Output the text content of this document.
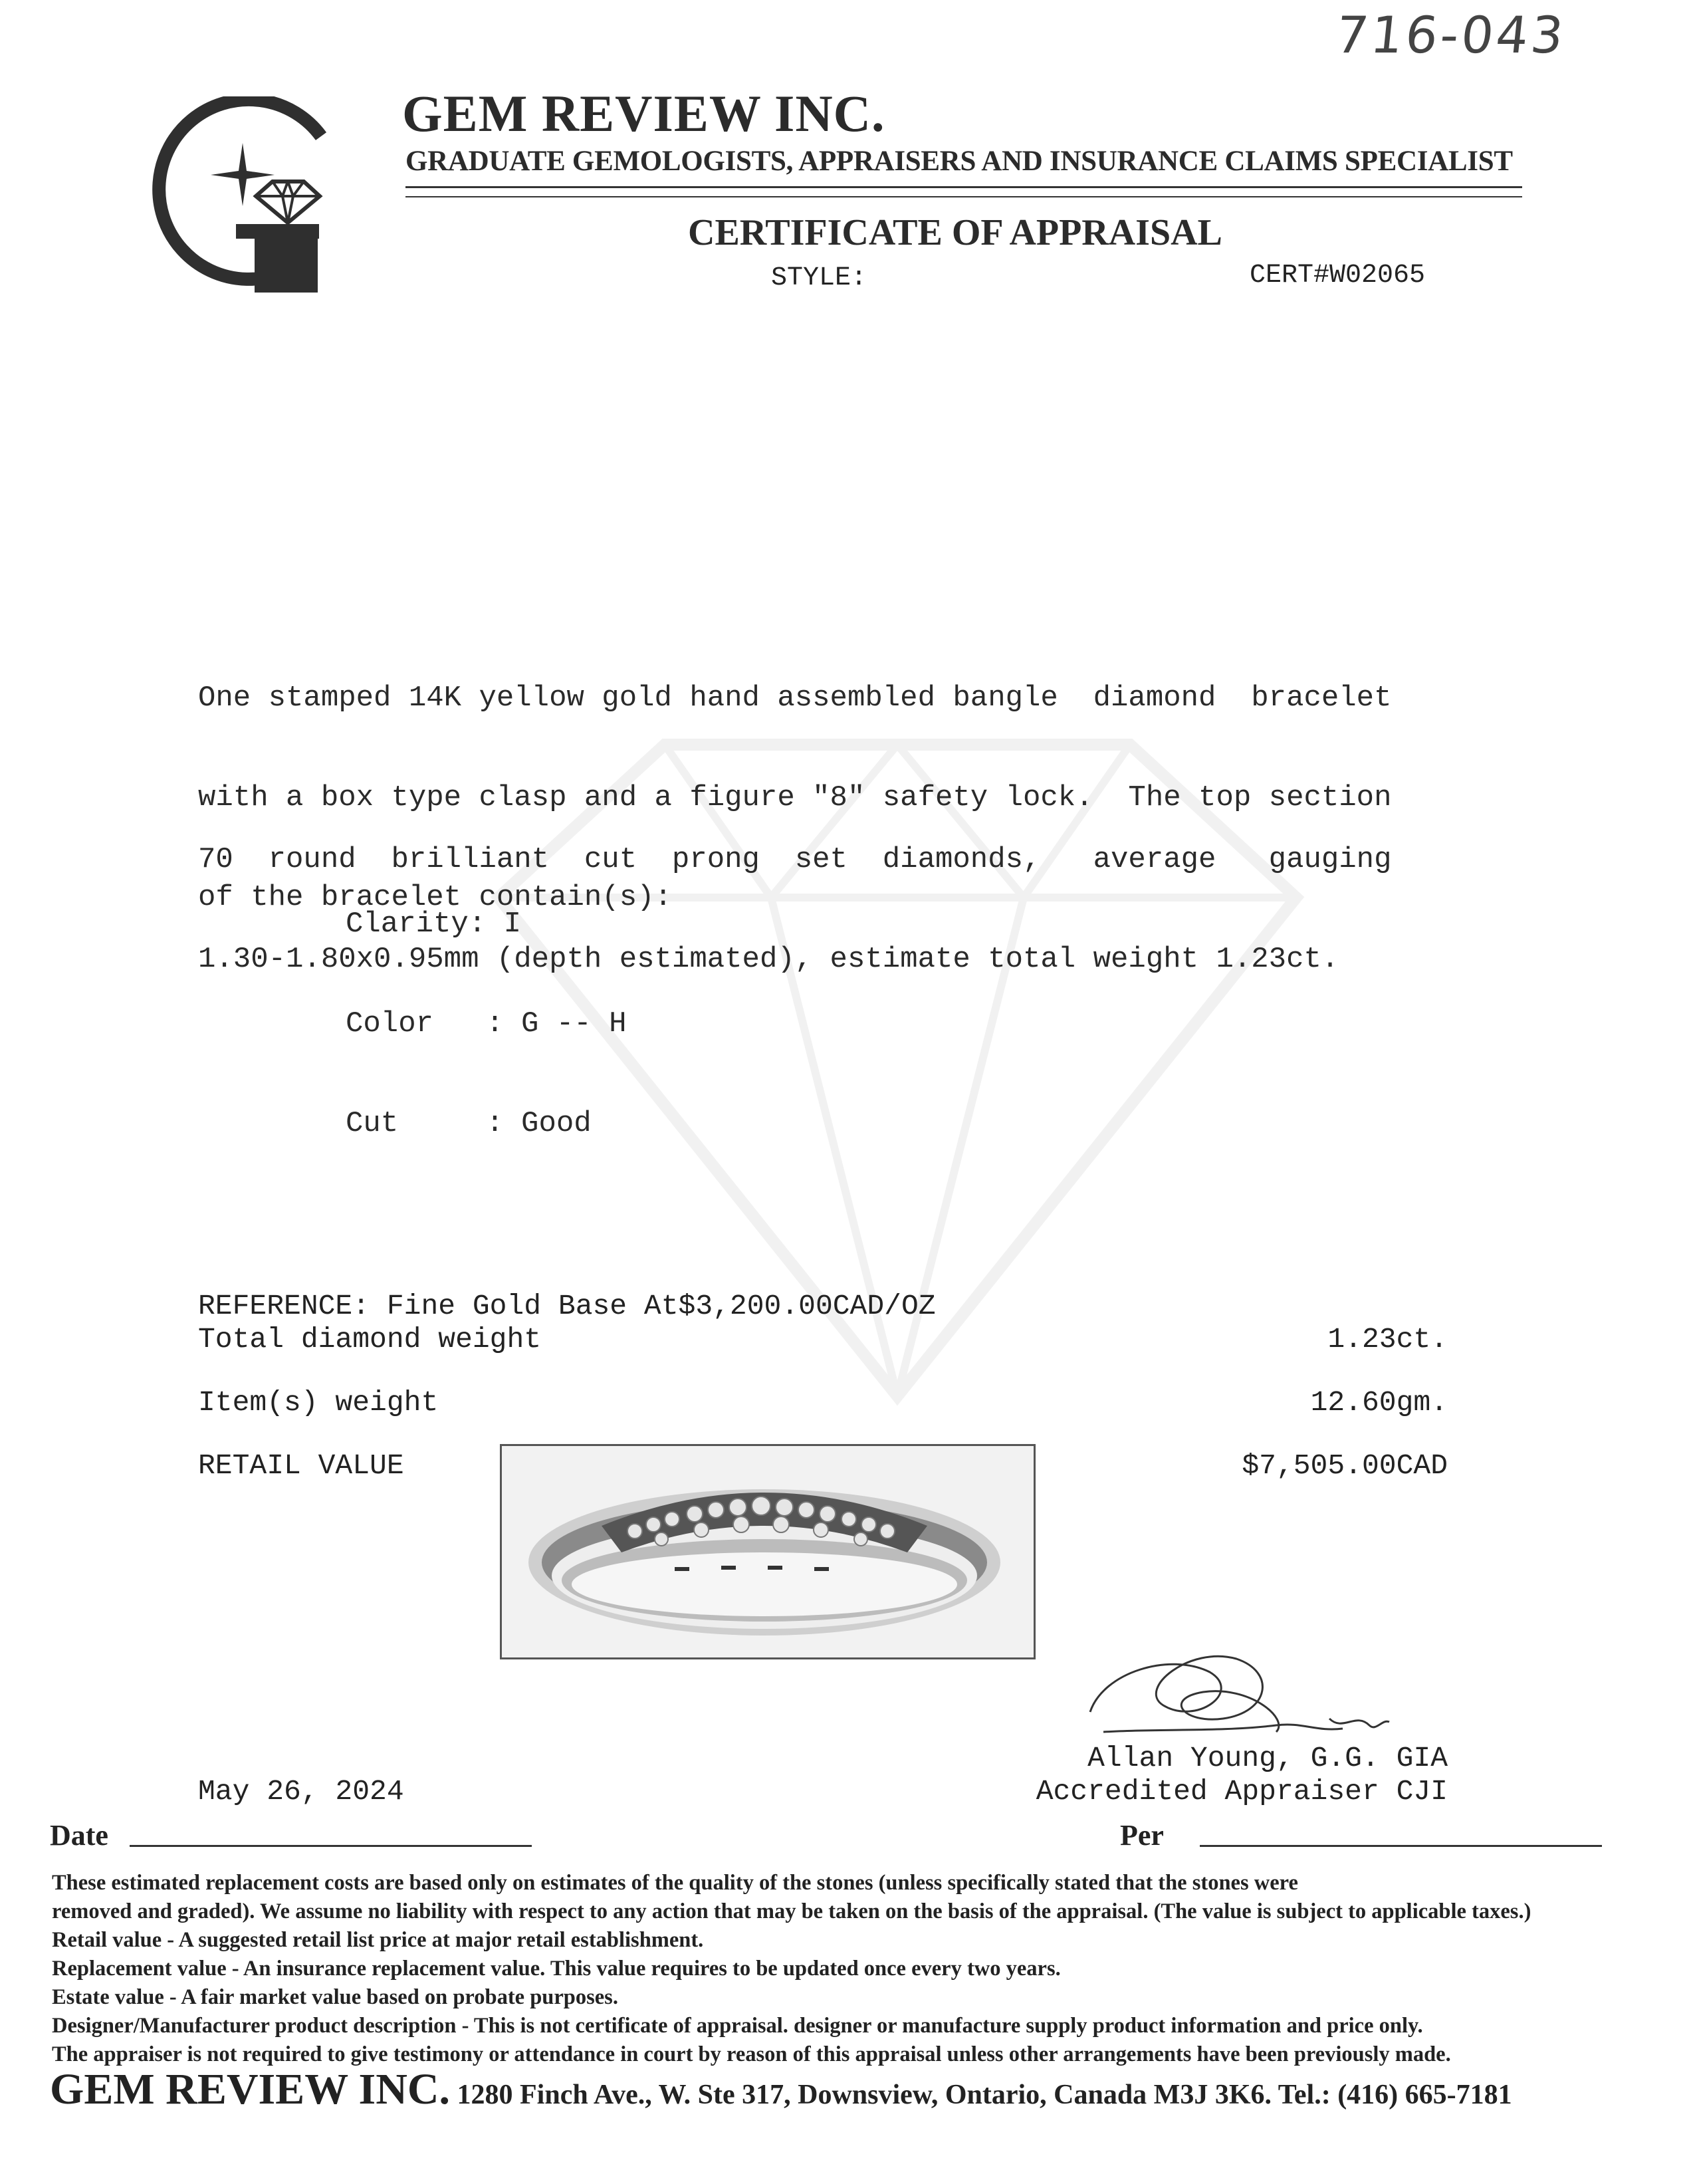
716-043
GEM REVIEW INC.
GRADUATE GEMOLOGISTS, APPRAISERS AND INSURANCE CLAIMS SPECIALIST
CERTIFICATE OF APPRAISAL
STYLE:	CERT#W02065

One stamped 14K yellow gold hand assembled bangle  diamond  bracelet

with a box type clasp and a figure "8" safety lock.  The top section

of the bracelet contain(s):

70  round  brilliant  cut  prong  set  diamonds,   average   gauging

1.30-1.80x0.95mm (depth estimated), estimate total weight 1.23ct.

Clarity: I

Color   : G -- H

Cut     : Good

REFERENCE: Fine Gold Base At$3,200.00CAD/OZ
Total diamond weight	1.23ct.
Item(s) weight	12.60gm.
RETAIL VALUE	$7,505.00CAD
Allan Young, G.G. GIA
Accredited Appraiser CJI
May 26, 2024
Date	Per
These estimated replacement costs are based only on estimates of the quality of the stones (unless specifically stated that the stones were
removed and graded). We assume no liability with respect to any action that may be taken on the basis of the appraisal. (The value is subject to applicable taxes.)
Retail value - A suggested retail list price at major retail establishment.
Replacement value - An insurance replacement value. This value requires to be updated once every two years.
Estate value - A fair market value based on probate purposes.
Designer/Manufacturer product description - This is not certificate of appraisal. designer or manufacture supply product information and price only.
The appraiser is not required to give testimony or attendance in court by reason of this appraisal unless other arrangements have been previously made.
GEM REVIEW INC. 1280 Finch Ave., W. Ste 317, Downsview, Ontario, Canada M3J 3K6. Tel.: (416) 665-7181
